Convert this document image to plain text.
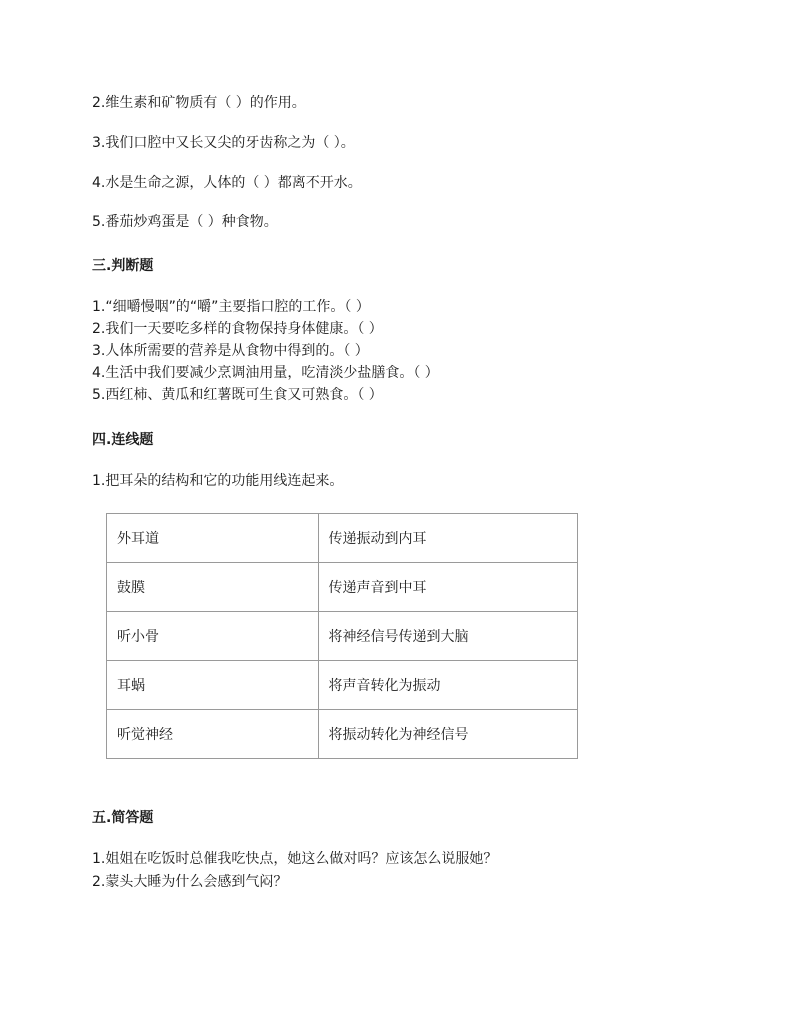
2.维生素和矿物质有（ ）的作用。
3.我们口腔中又长又尖的牙齿称之为（ ）。
4.水是生命之源，人体的（ ）都离不开水。
5.番茄炒鸡蛋是（ ）种食物。
三.判断题
1.“细嚼慢咽”的“嚼”主要指口腔的工作。（ ）
2.我们一天要吃多样的食物保持身体健康。（ ）
3.人体所需要的营养是从食物中得到的。（ ）
4.生活中我们要减少烹调油用量，吃清淡少盐膳食。（ ）
5.西红柿、黄瓜和红薯既可生食又可熟食。（ ）
四.连线题
1.把耳朵的结构和它的功能用线连起来。
外耳道	传递振动到内耳
鼓膜	传递声音到中耳
听小骨	将神经信号传递到大脑
耳蜗	将声音转化为振动
听觉神经	将振动转化为神经信号
五.简答题
1.姐姐在吃饭时总催我吃快点，她这么做对吗？应该怎么说服她？
2.蒙头大睡为什么会感到气闷？
